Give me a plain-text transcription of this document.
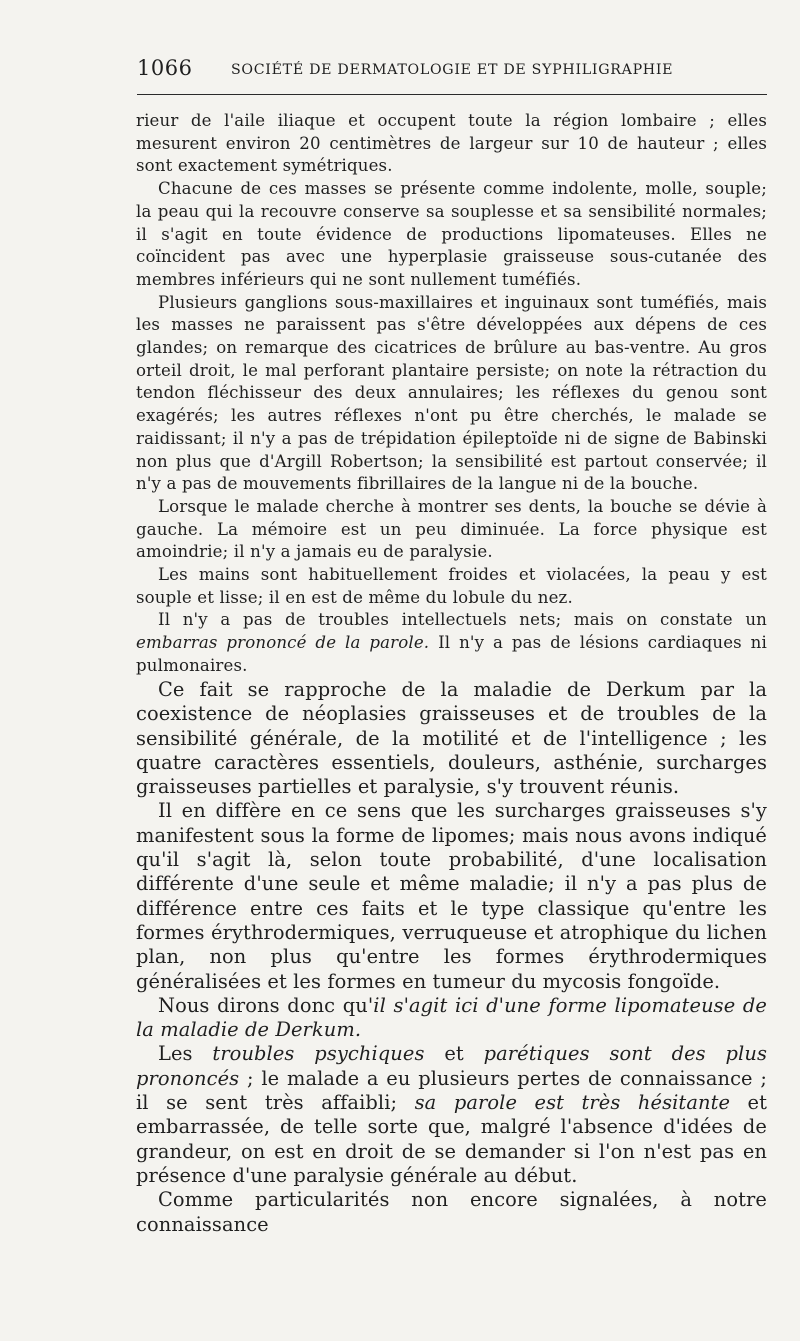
1066	SOCIÉTÉ DE DERMATOLOGIE ET DE SYPHILIGRAPHIE

rieur de l'aile iliaque et occupent toute la région lombaire ; elles mesurent environ 20 centimètres de largeur sur 10 de hauteur ; elles sont exactement symétriques.

Chacune de ces masses se présente comme indolente, molle, souple; la peau qui la recouvre conserve sa souplesse et sa sensibilité normales; il s'agit en toute évidence de productions lipomateuses. Elles ne coïncident pas avec une hyperplasie graisseuse sous-cutanée des membres inférieurs qui ne sont nullement tuméfiés.

Plusieurs ganglions sous-maxillaires et inguinaux sont tuméfiés, mais les masses ne paraissent pas s'être développées aux dépens de ces glandes; on remarque des cicatrices de brûlure au bas-ventre. Au gros orteil droit, le mal perforant plantaire persiste; on note la rétraction du tendon fléchisseur des deux annulaires; les réflexes du genou sont exagérés; les autres réflexes n'ont pu être cherchés, le malade se raidissant; il n'y a pas de trépidation épileptoïde ni de signe de Babinski non plus que d'Argill Robertson; la sensibilité est partout conservée; il n'y a pas de mouvements fibrillaires de la langue ni de la bouche.

Lorsque le malade cherche à montrer ses dents, la bouche se dévie à gauche. La mémoire est un peu diminuée. La force physique est amoindrie; il n'y a jamais eu de paralysie.

Les mains sont habituellement froides et violacées, la peau y est souple et lisse; il en est de même du lobule du nez.

Il n'y a pas de troubles intellectuels nets; mais on constate un embarras prononcé de la parole. Il n'y a pas de lésions cardiaques ni pulmonaires.

Ce fait se rapproche de la maladie de Derkum par la coexistence de néoplasies graisseuses et de troubles de la sensibilité générale, de la motilité et de l'intelligence ; les quatre caractères essentiels, douleurs, asthénie, surcharges graisseuses partielles et paralysie, s'y trouvent réunis.

Il en diffère en ce sens que les surcharges graisseuses s'y manifestent sous la forme de lipomes; mais nous avons indiqué qu'il s'agit là, selon toute probabilité, d'une localisation différente d'une seule et même maladie; il n'y a pas plus de différence entre ces faits et le type classique qu'entre les formes érythrodermiques, verruqueuse et atrophique du lichen plan, non plus qu'entre les formes érythrodermiques généralisées et les formes en tumeur du mycosis fongoïde.

Nous dirons donc qu'il s'agit ici d'une forme lipomateuse de la maladie de Derkum.

Les troubles psychiques et parétiques sont des plus prononcés ; le malade a eu plusieurs pertes de connaissance ; il se sent très affaibli; sa parole est très hésitante et embarrassée, de telle sorte que, malgré l'absence d'idées de grandeur, on est en droit de se demander si l'on n'est pas en présence d'une paralysie générale au début.

Comme particularités non encore signalées, à notre connaissance
